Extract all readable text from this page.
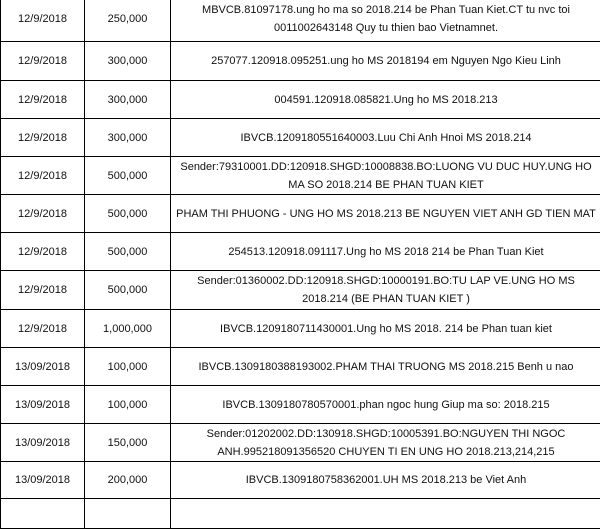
12/9/2018	250,000	MBVCB.81097178.ung ho ma so 2018.214 be Phan Tuan Kiet.CT tu nvc toi 0011002643148 Quy tu thien bao Vietnamnet.
12/9/2018	300,000	257077.120918.095251.ung ho MS 2018194 em Nguyen Ngo Kieu Linh
12/9/2018	300,000	004591.120918.085821.Ung ho MS 2018.213
12/9/2018	300,000	IBVCB.1209180551640003.Luu Chi Anh Hnoi MS 2018.214
12/9/2018	500,000	Sender:79310001.DD:120918.SHGD:10008838.BO:LUONG VU DUC HUY.UNG HO MA SO 2018.214 BE PHAN TUAN KIET
12/9/2018	500,000	PHAM THI PHUONG - UNG HO MS 2018.213 BE NGUYEN VIET ANH GD TIEN MAT
12/9/2018	500,000	254513.120918.091117.Ung ho MS 2018 214 be Phan Tuan Kiet
12/9/2018	500,000	Sender:01360002.DD:120918.SHGD:10000191.BO:TU LAP VE.UNG HO MS 2018.214 (BE PHAN TUAN KIET )
12/9/2018	1,000,000	IBVCB.1209180711430001.Ung ho MS 2018. 214 be Phan tuan kiet
13/09/2018	100,000	IBVCB.1309180388193002.PHAM THAI TRUONG MS 2018.215 Benh u nao
13/09/2018	100,000	IBVCB.1309180780570001.phan ngoc hung Giup ma so: 2018.215
13/09/2018	150,000	Sender:01202002.DD:130918.SHGD:10005391.BO:NGUYEN THI NGOC ANH.995218091356520 CHUYEN TI EN UNG HO 2018.213,214,215
13/09/2018	200,000	IBVCB.1309180758362001.UH MS 2018.213 be Viet Anh
